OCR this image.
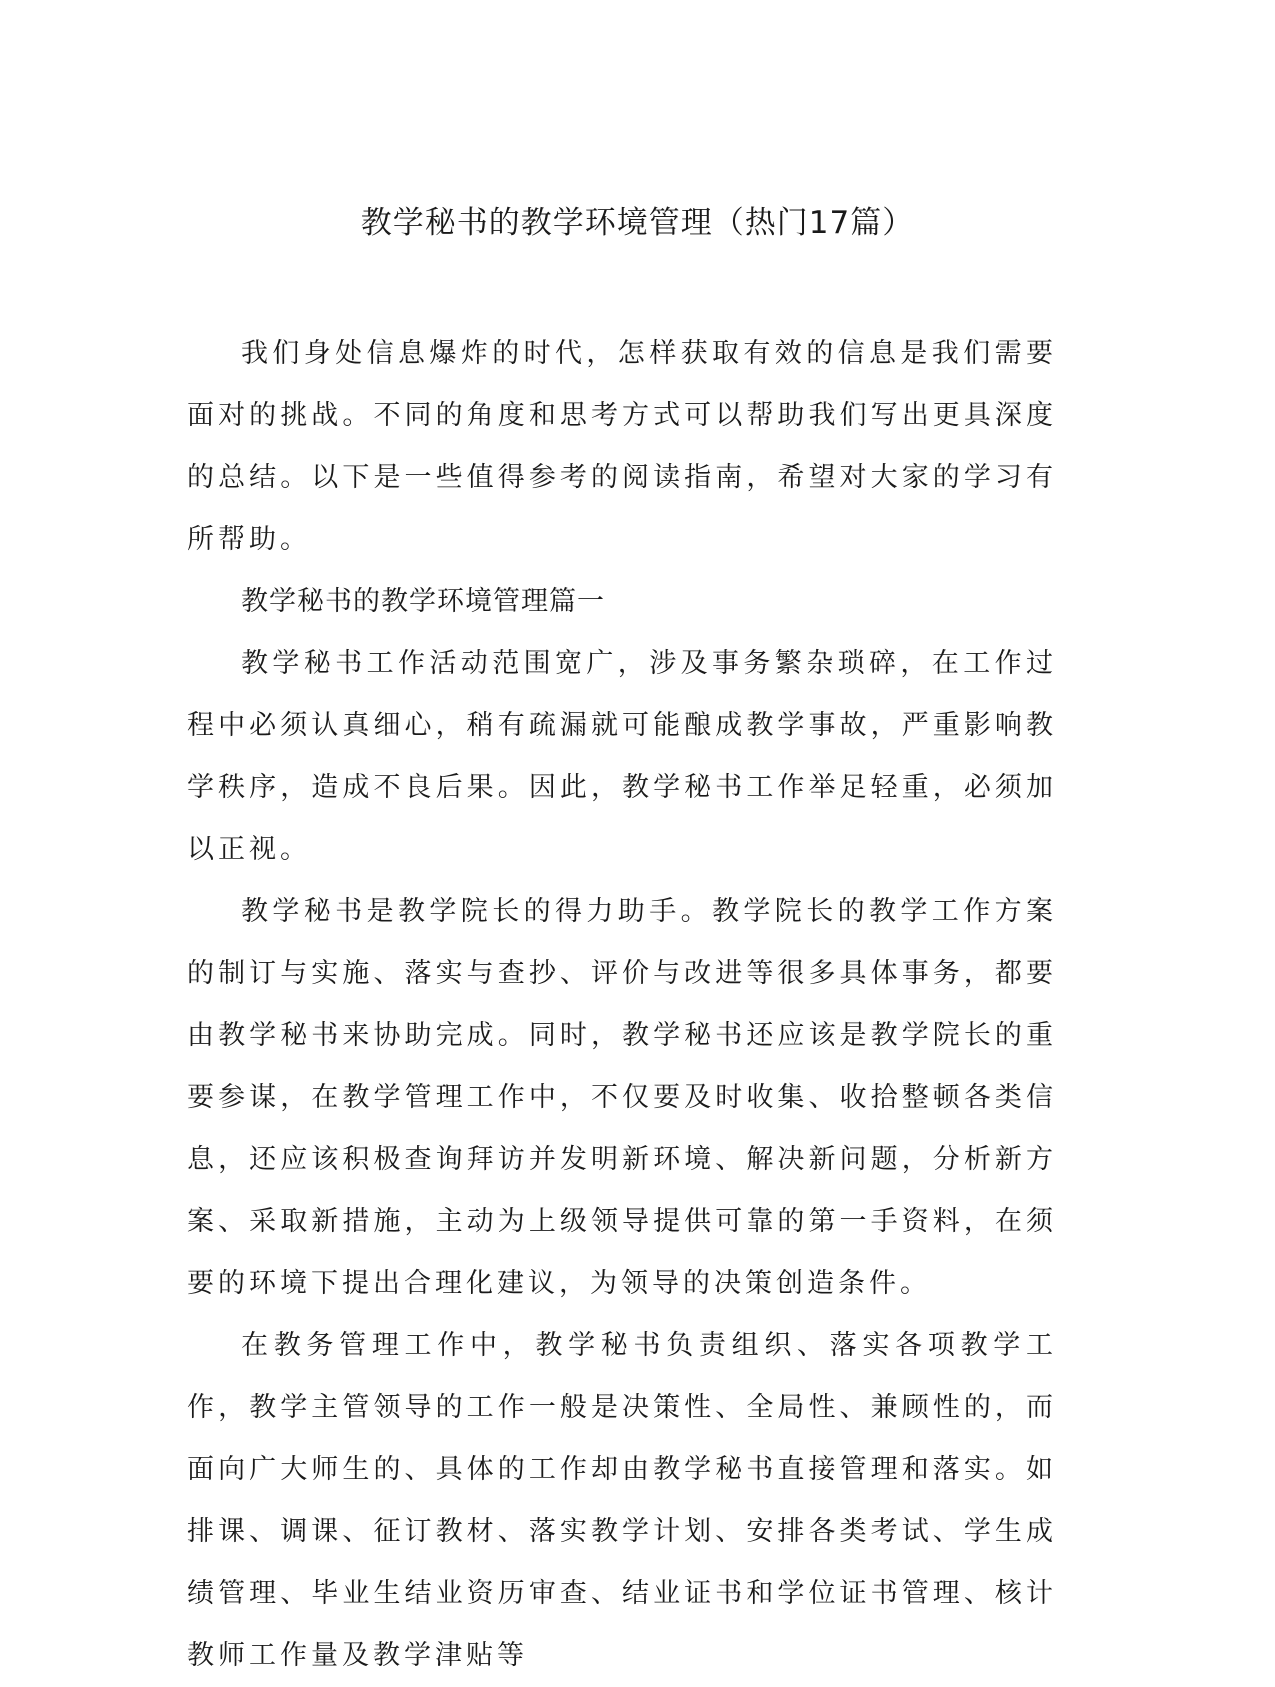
教学秘书的教学环境管理（热门17篇）

我们身处信息爆炸的时代，怎样获取有效的信息是我们需要面对的挑战。不同的角度和思考方式可以帮助我们写出更具深度的总结。以下是一些值得参考的阅读指南，希望对大家的学习有所帮助。

教学秘书的教学环境管理篇一

教学秘书工作活动范围宽广，涉及事务繁杂琐碎，在工作过程中必须认真细心，稍有疏漏就可能酿成教学事故，严重影响教学秩序，造成不良后果。因此，教学秘书工作举足轻重，必须加以正视。

教学秘书是教学院长的得力助手。教学院长的教学工作方案的制订与实施、落实与查抄、评价与改进等很多具体事务，都要由教学秘书来协助完成。同时，教学秘书还应该是教学院长的重要参谋，在教学管理工作中，不仅要及时收集、收拾整顿各类信息，还应该积极查询拜访并发明新环境、解决新问题，分析新方案、采取新措施，主动为上级领导提供可靠的第一手资料，在须要的环境下提出合理化建议，为领导的决策创造条件。

在教务管理工作中，教学秘书负责组织、落实各项教学工作，教学主管领导的工作一般是决策性、全局性、兼顾性的，而面向广大师生的、具体的工作却由教学秘书直接管理和落实。如排课、调课、征订教材、落实教学计划、安排各类考试、学生成绩管理、毕业生结业资历审查、结业证书和学位证书管理、核计教师工作量及教学津贴等
